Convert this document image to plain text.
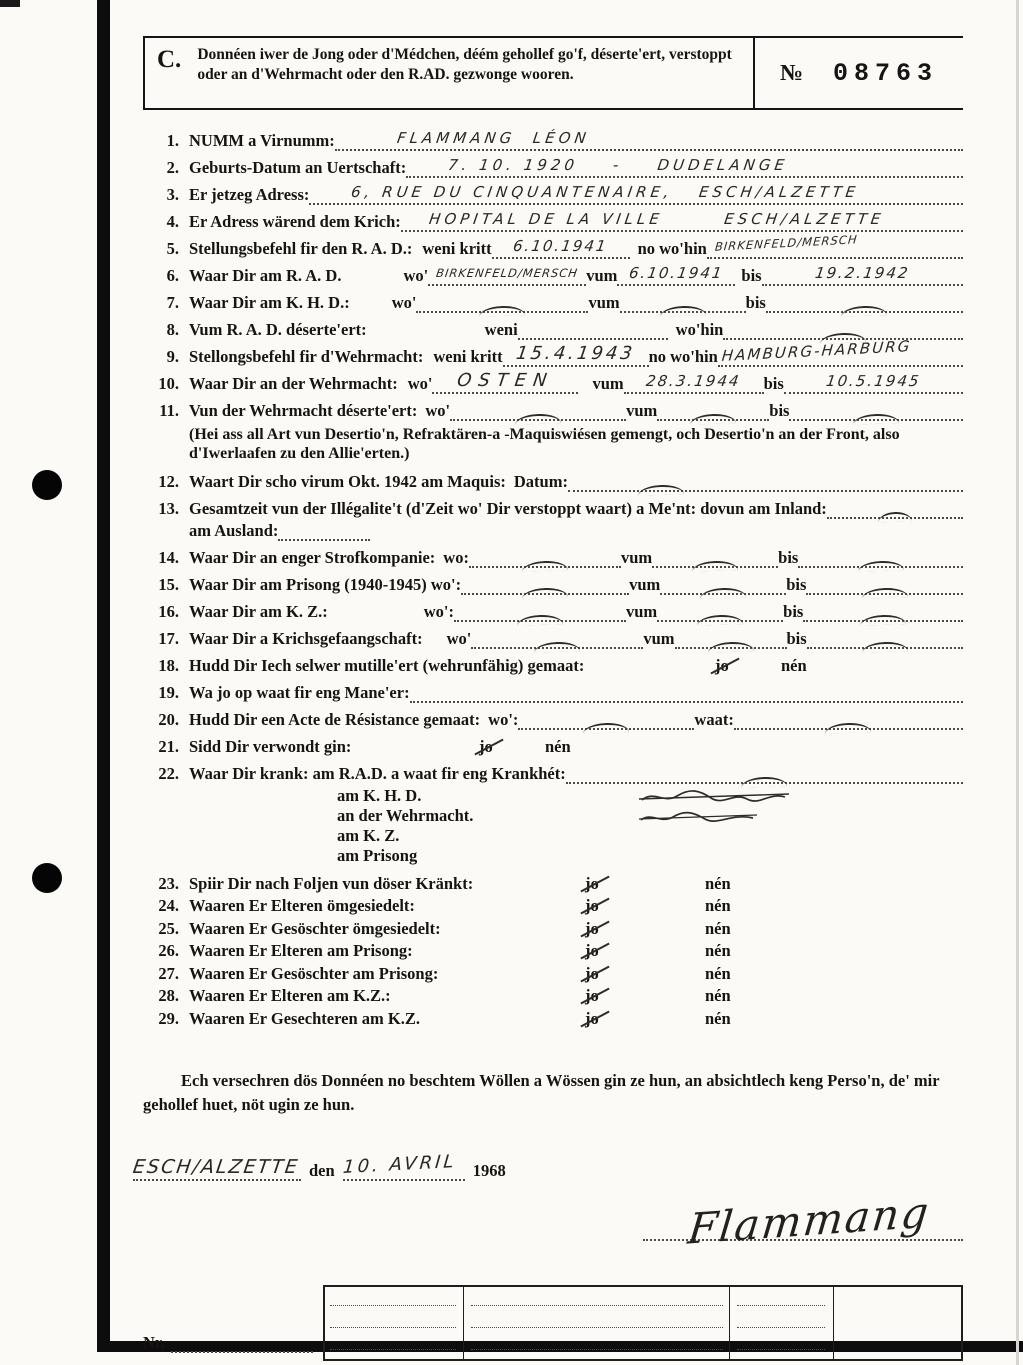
C. Donnéen iwer de Jong oder d'Médchen, déém gehollef go'f, déserte'ert, verstoppt oder an d'Wehrmacht oder den R.AD. gezwonge wooren.	№ 08763
1. NUMM a Virnumm:	FLAMMANG  LÉON
2. Geburts-Datum an Uertschaft:	7. 10. 1920    -    DUDELANGE
3. Er jetzeg Adress:	6, RUE DU CINQUANTENAIRE,   ESCH/ALZETTE
4. Er Adress wärend dem Krich: HOPITAL DE LA VILLE       ESCH/ALZETTE
5. Stellungsbefehl fir den R. A. D.: weni kritt 6.10.1941 no wo'hin BIRKENFELD/MERSCH
6. Waar Dir am R. A. D.	wo' BIRKENFELD/MERSCH vum 6.10.1941 bis	19.2.1942
7. Waar Dir am K. H. D.:	wo'	vum	bis
8. Vum R. A. D. déserte'ert:	weni	wo'hin
9. Stellongsbefehl fir d'Wehrmacht: weni kritt 15.4.1943 no wo'hin HAMBURG-HARBURG
10. Waar Dir an der Wehrmacht: wo' OSTEN vum 28.3.1944 bis	10.5.1945
11. Vun der Wehrmacht déserte'ert: wo'	vum	bis

(Hei ass all Art vun Desertio'n, Refraktären-a -Maquiswiésen gemengt, och Desertio'n an der Front, also d'Iwerlaafen zu den Allie'erten.)

12. Waart Dir scho virum Okt. 1942 am Maquis: Datum:
13. Gesamtzeit vun der Illégalite't (d'Zeit wo' Dir verstoppt waart) a Me'nt: dovun am Inland:
am Ausland:
14. Waar Dir an enger Strofkompanie: wo:	vum	bis
15. Waar Dir am Prisong (1940-1945) wo':	vum	bis
16. Waar Dir am K. Z.:	wo':	vum	bis
17. Waar Dir a Krichsgefaangschaft: wo'	vum	bis
18. Hudd Dir Iech selwer mutille'ert (wehrunfähig) gemaat:	jo	nén
19. Wa jo op waat fir eng Mane'er:
20. Hudd Dir een Acte de Résistance gemaat: wo':	waat:
21. Sidd Dir verwondt gin:	jo	nén
22. Waar Dir krank: am R.A.D. a waat fir eng Krankhét:
am K. H. D.
an der Wehrmacht.
am K. Z.
am Prisong
23. Spiir Dir nach Foljen vun döser Kränkt:	jo	nén
24. Waaren Er Elteren ömgesiedelt:	jo	nén
25. Waaren Er Gesöschter ömgesiedelt:	jo	nén
26. Waaren Er Elteren am Prisong:	jo	nén
27. Waaren Er Gesöschter am Prisong:	jo	nén
28. Waaren Er Elteren am K.Z.:	jo	nén
29. Waaren Er Gesechteren am K.Z.	jo	nén

Ech versechren dös Donnéen no beschtem Wöllen a Wössen gin ze hun, an absichtlech keng Perso'n, de' mir gehollef huet, nöt ugin ze hun.

ESCH/ALZETTE den 10. AVRIL 1968
Flammang
Nr.
